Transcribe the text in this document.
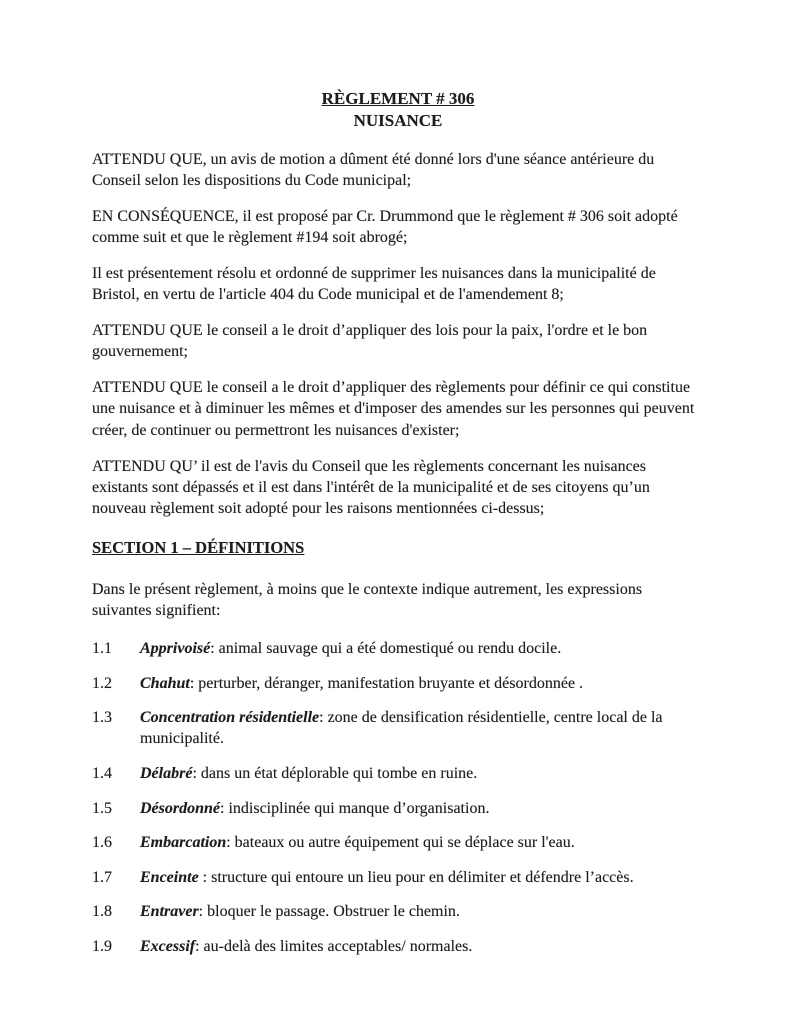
RÈGLEMENT # 306
NUISANCE

ATTENDU QUE, un avis de motion a dûment été donné lors d'une séance antérieure du Conseil selon les dispositions du Code municipal;

EN CONSÉQUENCE, il est proposé par Cr. Drummond que le règlement # 306 soit adopté comme suit et que le règlement #194 soit abrogé;

Il est présentement résolu et ordonné de supprimer les nuisances dans la municipalité de Bristol, en vertu de l'article 404 du Code municipal et de l'amendement 8;

ATTENDU QUE le conseil a le droit d’appliquer des lois pour la paix, l'ordre et le bon gouvernement;

ATTENDU QUE le conseil a le droit d’appliquer des règlements pour définir ce qui constitue une nuisance et à diminuer les mêmes et d'imposer des amendes sur les personnes qui peuvent créer, de continuer ou permettront les nuisances d'exister;

ATTENDU QU’ il est de l'avis du Conseil que les règlements concernant les nuisances existants sont dépassés et il est dans l'intérêt de la municipalité et de ses citoyens qu’un nouveau règlement soit adopté pour les raisons mentionnées ci-dessus;

SECTION 1 – DÉFINITIONS

Dans le présent règlement, à moins que le contexte indique autrement, les expressions suivantes signifient:

1.1	Apprivoisé: animal sauvage qui a été domestiqué ou rendu docile.
1.2	Chahut: perturber, déranger, manifestation bruyante et désordonnée .
1.3	Concentration résidentielle: zone de densification résidentielle, centre local de la municipalité.
1.4	Délabré: dans un état déplorable qui tombe en ruine.
1.5	Désordonné: indisciplinée qui manque d’organisation.
1.6	Embarcation: bateaux ou autre équipement qui se déplace sur l'eau.
1.7	Enceinte : structure qui entoure un lieu pour en délimiter et défendre l’accès.
1.8	Entraver: bloquer le passage. Obstruer le chemin.
1.9	Excessif: au-delà des limites acceptables/ normales.
